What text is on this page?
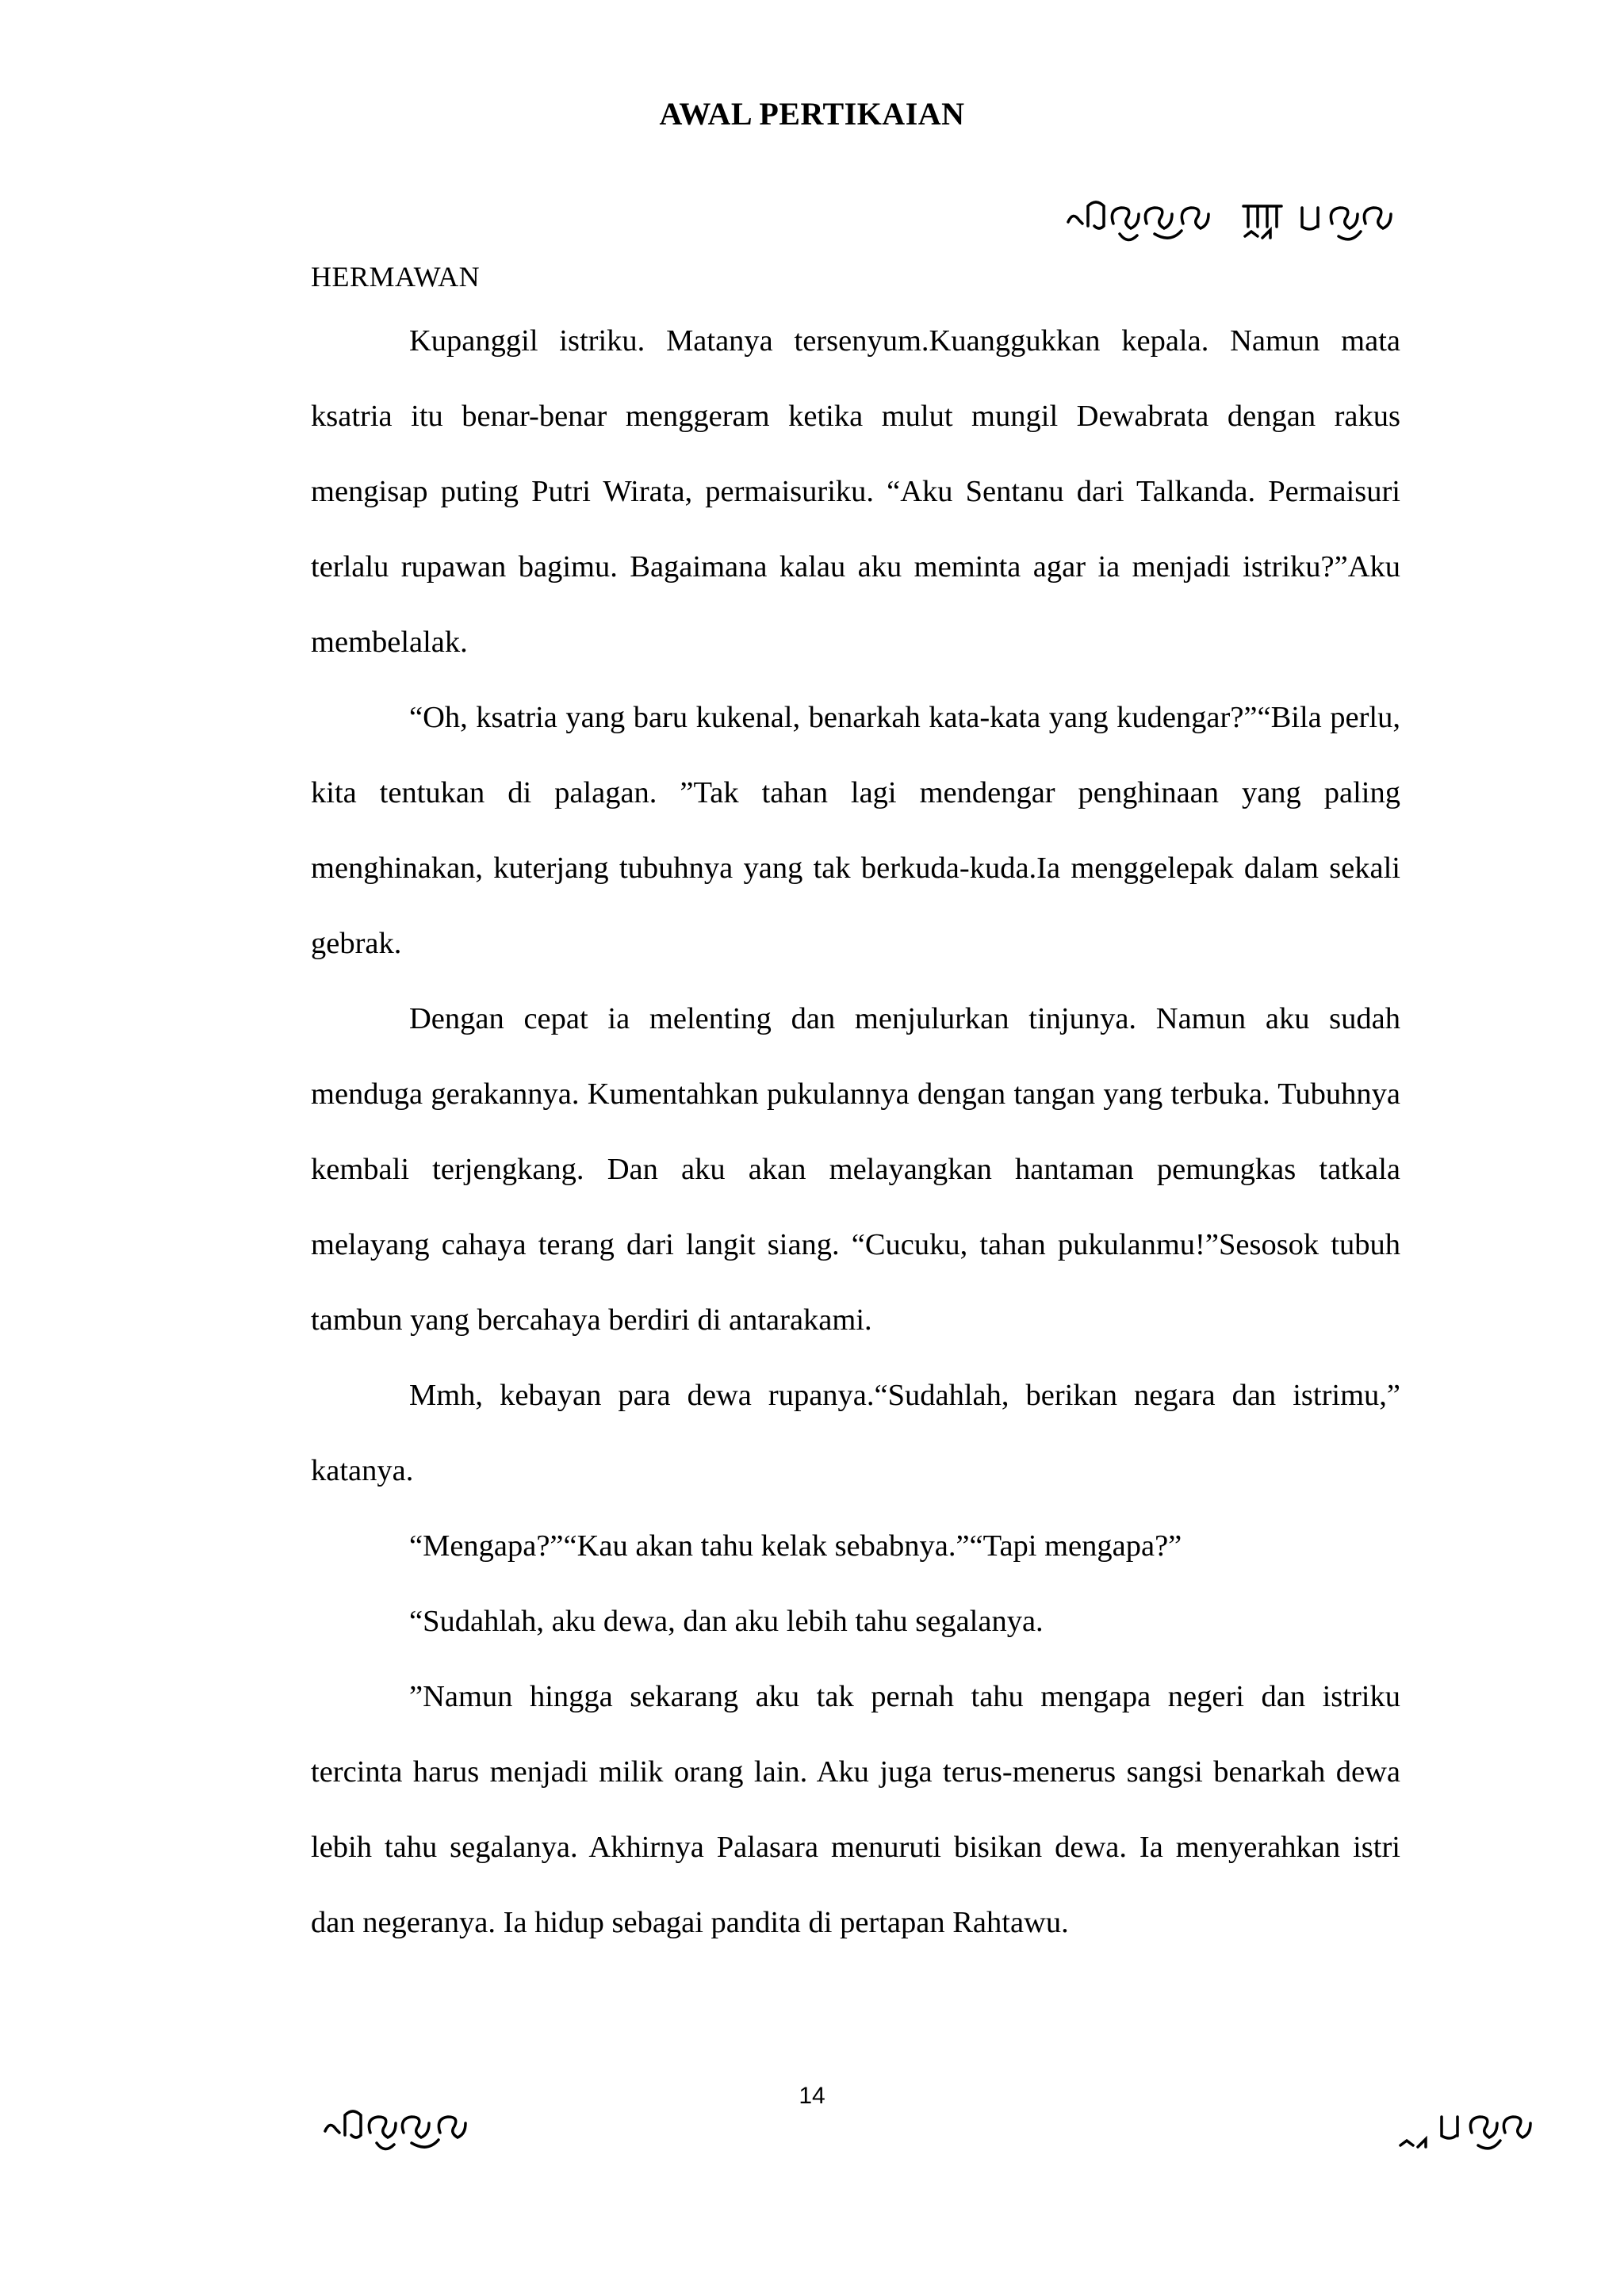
AWAL PERTIKAIAN
HERMAWAN

Kupanggil istriku. Matanya tersenyum.Kuanggukkan kepala. Namun mata ksatria itu benar-benar menggeram ketika mulut mungil Dewabrata dengan rakus mengisap puting Putri Wirata, permaisuriku. “Aku Sentanu dari Talkanda. Permaisuri terlalu rupawan bagimu. Bagaimana kalau aku meminta agar ia menjadi istriku?”Aku membelalak.

“Oh, ksatria yang baru kukenal, benarkah kata-kata yang kudengar?”“Bila perlu, kita tentukan di palagan. ”Tak tahan lagi mendengar penghinaan yang paling menghinakan, kuterjang tubuhnya yang tak berkuda-kuda.Ia menggelepak dalam sekali gebrak.

Dengan cepat ia melenting dan menjulurkan tinjunya. Namun aku sudah menduga gerakannya. Kumentahkan pukulannya dengan tangan yang terbuka. Tubuhnya kembali terjengkang. Dan aku akan melayangkan hantaman pemungkas tatkala melayang cahaya terang dari langit siang. “Cucuku, tahan pukulanmu!”Sesosok tubuh tambun yang bercahaya berdiri di antarakami.

Mmh, kebayan para dewa rupanya.“Sudahlah, berikan negara dan istrimu,” katanya.

“Mengapa?”“Kau akan tahu kelak sebabnya.”“Tapi mengapa?”

“Sudahlah, aku dewa, dan aku lebih tahu segalanya.

”Namun hingga sekarang aku tak pernah tahu mengapa negeri dan istriku tercinta harus menjadi milik orang lain. Aku juga terus-menerus sangsi benarkah dewa lebih tahu segalanya. Akhirnya Palasara menuruti bisikan dewa. Ia menyerahkan istri dan negeranya. Ia hidup sebagai pandita di pertapan Rahtawu.

14
